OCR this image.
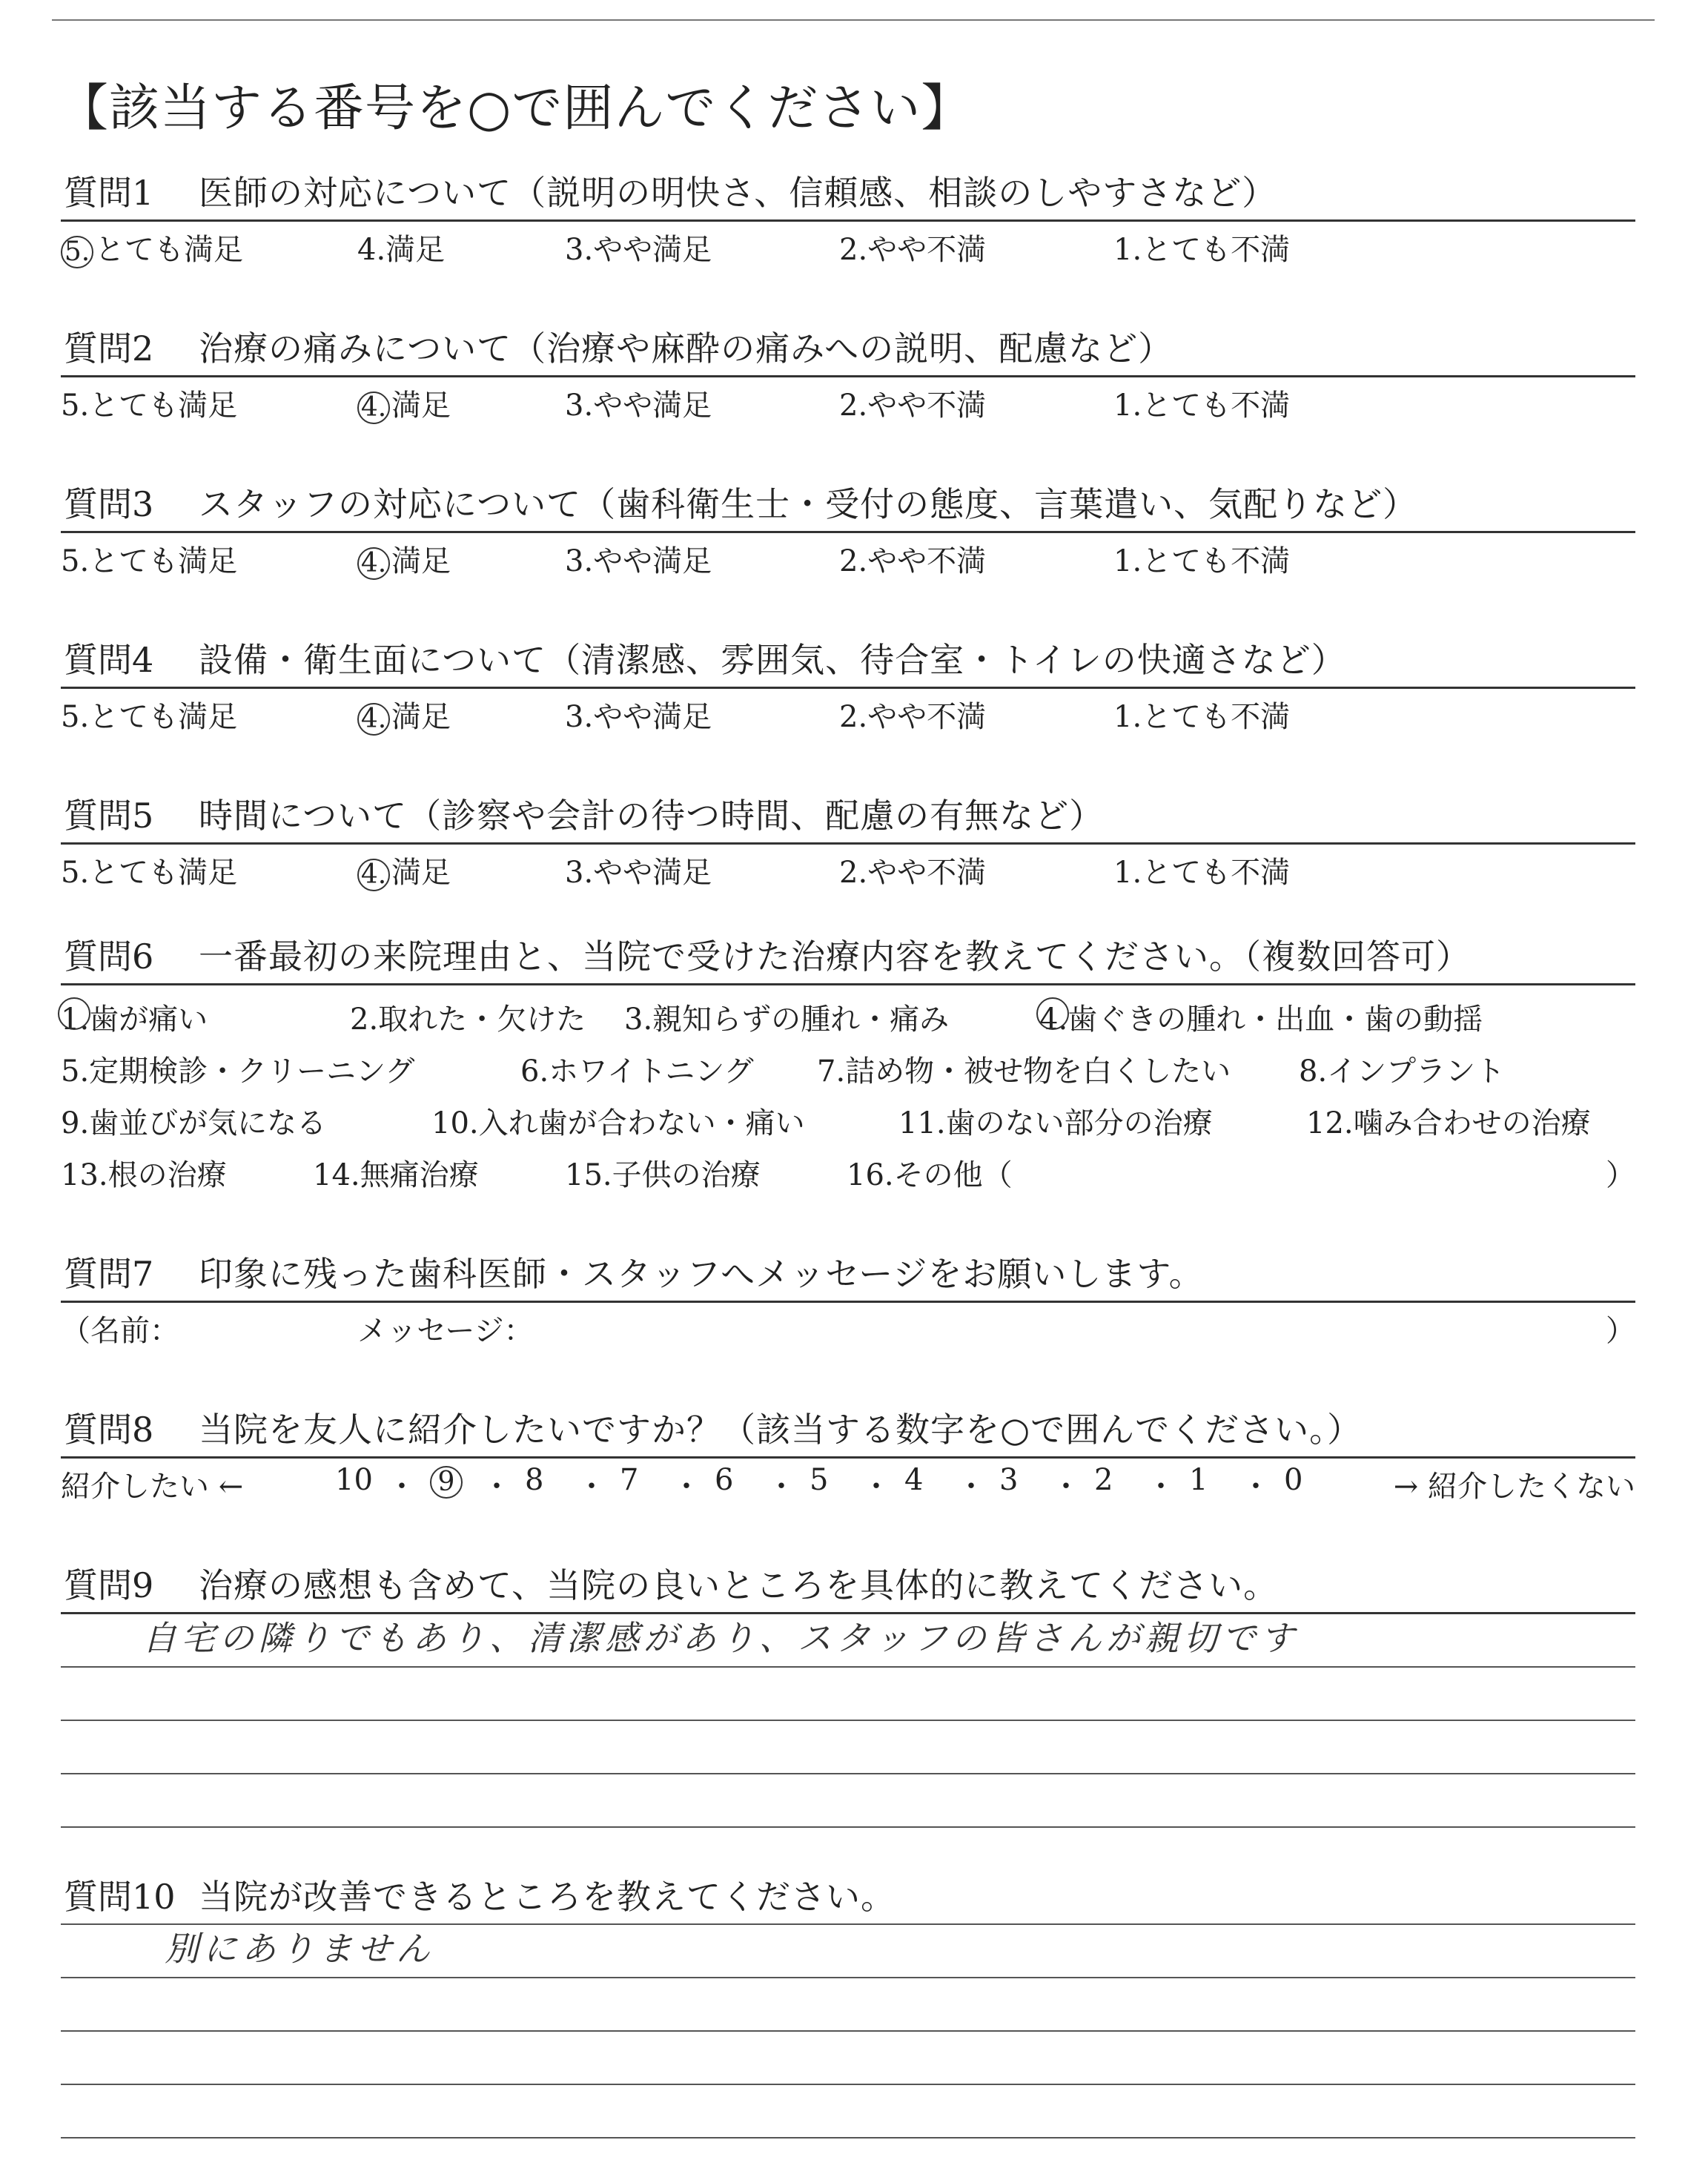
【該当する番号を○で囲んでください】
質問1 医師の対応について（説明の明快さ、信頼感、相談のしやすさなど）
5. とても満足	4.満足	3.やや満足	2.やや不満	1.とても不満
質問2 治療の痛みについて（治療や麻酔の痛みへの説明、配慮など）
5.とても満足	4. 満足	3.やや満足	2.やや不満	1.とても不満
質問3 スタッフの対応について（歯科衛生士・受付の態度、言葉遣い、気配りなど）
5.とても満足	4. 満足	3.やや満足	2.やや不満	1.とても不満
質問4 設備・衛生面について（清潔感、雰囲気、待合室・トイレの快適さなど）
5.とても満足	4. 満足	3.やや満足	2.やや不満	1.とても不満
質問5 時間について（診察や会計の待つ時間、配慮の有無など）
5.とても満足	4. 満足	3.やや満足	2.やや不満	1.とても不満
質問6 一番最初の来院理由と、当院で受けた治療内容を教えてください。（複数回答可）
1.歯が痛い	2.取れた・欠けた 3.親知らずの腫れ・痛み	4.歯ぐきの腫れ・出血・歯の動揺
5.定期検診・クリーニング	6.ホワイトニング 7.詰め物・被せ物を白くしたい 8.インプラント
9.歯並びが気になる	10.入れ歯が合わない・痛い	11.歯のない部分の治療	12.噛み合わせの治療
13.根の治療	14.無痛治療	15.子供の治療	16.その他（	）
質問7 印象に残った歯科医師・スタッフへメッセージをお願いします。
（名前：	メッセージ：	）
質問8 当院を友人に紹介したいですか？（該当する数字を○で囲んでください。）
紹介したい ←	→ 紹介したくない
10 ・ 9 ・ 8 ・ 7 ・ 6 ・ 5 ・ 4 ・ 3 ・ 2 ・ 1 ・ 0
質問9 治療の感想も含めて、当院の良いところを具体的に教えてください。
自宅の隣りでもあり、清潔感があり、スタッフの皆さんが親切です
質問10 当院が改善できるところを教えてください。
別にありません
